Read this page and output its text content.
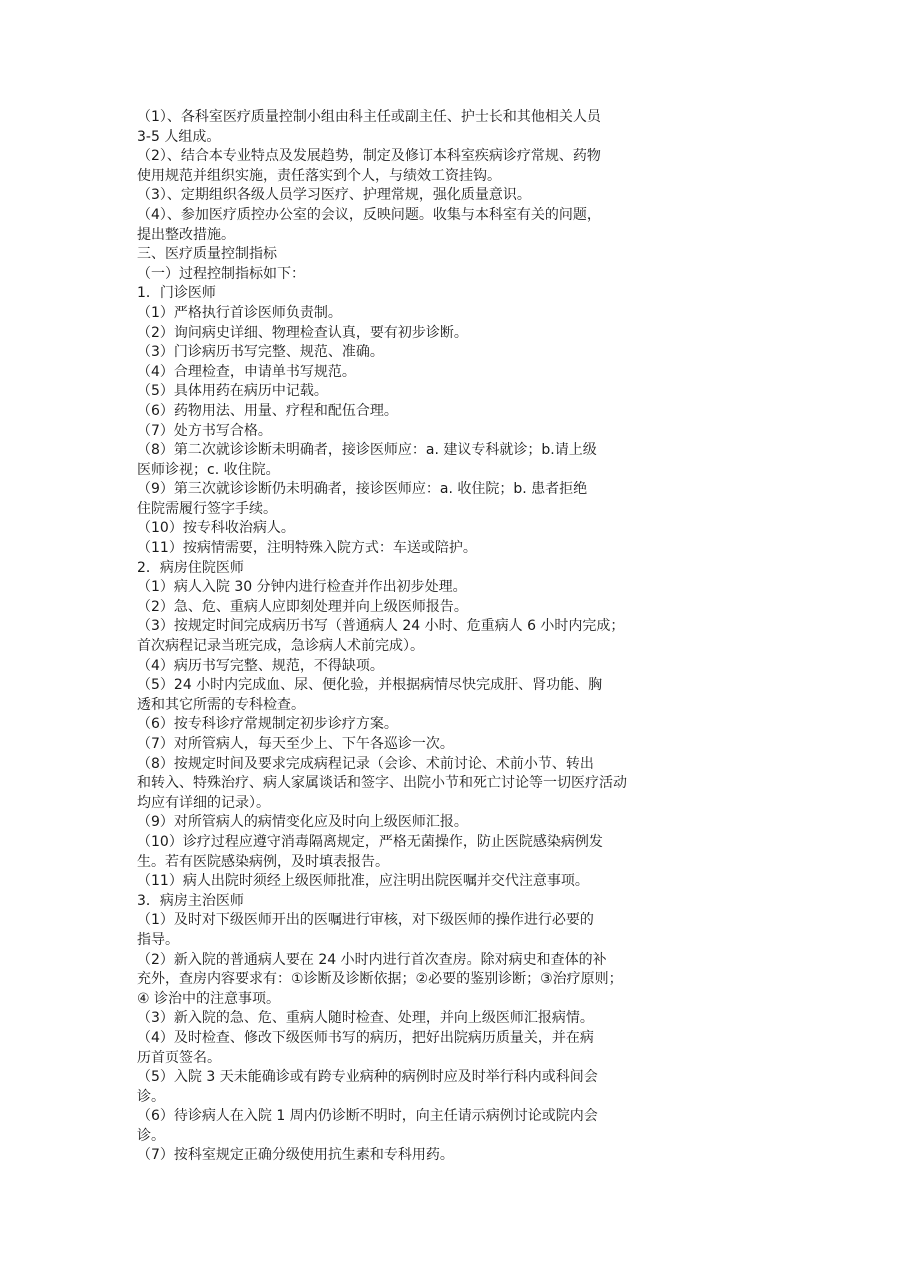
（1）、各科室医疗质量控制小组由科主任或副主任、护士长和其他相关人员
3-5 人组成。
（2）、结合本专业特点及发展趋势，制定及修订本科室疾病诊疗常规、药物
使用规范并组织实施，责任落实到个人，与绩效工资挂钩。
（3）、定期组织各级人员学习医疗、护理常规，强化质量意识。
（4）、参加医疗质控办公室的会议，反映问题。收集与本科室有关的问题，
提出整改措施。
三、医疗质量控制指标
（一）过程控制指标如下：
1．门诊医师
（1）严格执行首诊医师负责制。
（2）询问病史详细、物理检查认真，要有初步诊断。
（3）门诊病历书写完整、规范、准确。
（4）合理检查，申请单书写规范。
（5）具体用药在病历中记载。
（6）药物用法、用量、疗程和配伍合理。
（7）处方书写合格。
（8）第二次就诊诊断未明确者，接诊医师应：a. 建议专科就诊；b.请上级
医师诊视；c. 收住院。
（9）第三次就诊诊断仍未明确者，接诊医师应：a. 收住院；b. 患者拒绝
住院需履行签字手续。
（10）按专科收治病人。
（11）按病情需要，注明特殊入院方式：车送或陪护。
2．病房住院医师
（1）病人入院 30 分钟内进行检查并作出初步处理。
（2）急、危、重病人应即刻处理并向上级医师报告。
（3）按规定时间完成病历书写（普通病人 24 小时、危重病人 6 小时内完成；
首次病程记录当班完成，急诊病人术前完成）。
（4）病历书写完整、规范，不得缺项。
（5）24 小时内完成血、尿、便化验，并根据病情尽快完成肝、肾功能、胸
透和其它所需的专科检查。
（6）按专科诊疗常规制定初步诊疗方案。
（7）对所管病人，每天至少上、下午各巡诊一次。
（8）按规定时间及要求完成病程记录（会诊、术前讨论、术前小节、转出
和转入、特殊治疗、病人家属谈话和签字、出院小节和死亡讨论等一切医疗活动
均应有详细的记录）。
（9）对所管病人的病情变化应及时向上级医师汇报。
（10）诊疗过程应遵守消毒隔离规定，严格无菌操作，防止医院感染病例发
生。若有医院感染病例，及时填表报告。
（11）病人出院时须经上级医师批准，应注明出院医嘱并交代注意事项。
3．病房主治医师
（1）及时对下级医师开出的医嘱进行审核，对下级医师的操作进行必要的
指导。
（2）新入院的普通病人要在 24 小时内进行首次查房。除对病史和查体的补
充外，查房内容要求有：①诊断及诊断依据；②必要的鉴别诊断；③治疗原则；
④ 诊治中的注意事项。
（3）新入院的急、危、重病人随时检查、处理，并向上级医师汇报病情。
（4）及时检查、修改下级医师书写的病历，把好出院病历质量关，并在病
历首页签名。
（5）入院 3 天未能确诊或有跨专业病种的病例时应及时举行科内或科间会
诊。
（6）待诊病人在入院 1 周内仍诊断不明时，向主任请示病例讨论或院内会
诊。
（7）按科室规定正确分级使用抗生素和专科用药。
